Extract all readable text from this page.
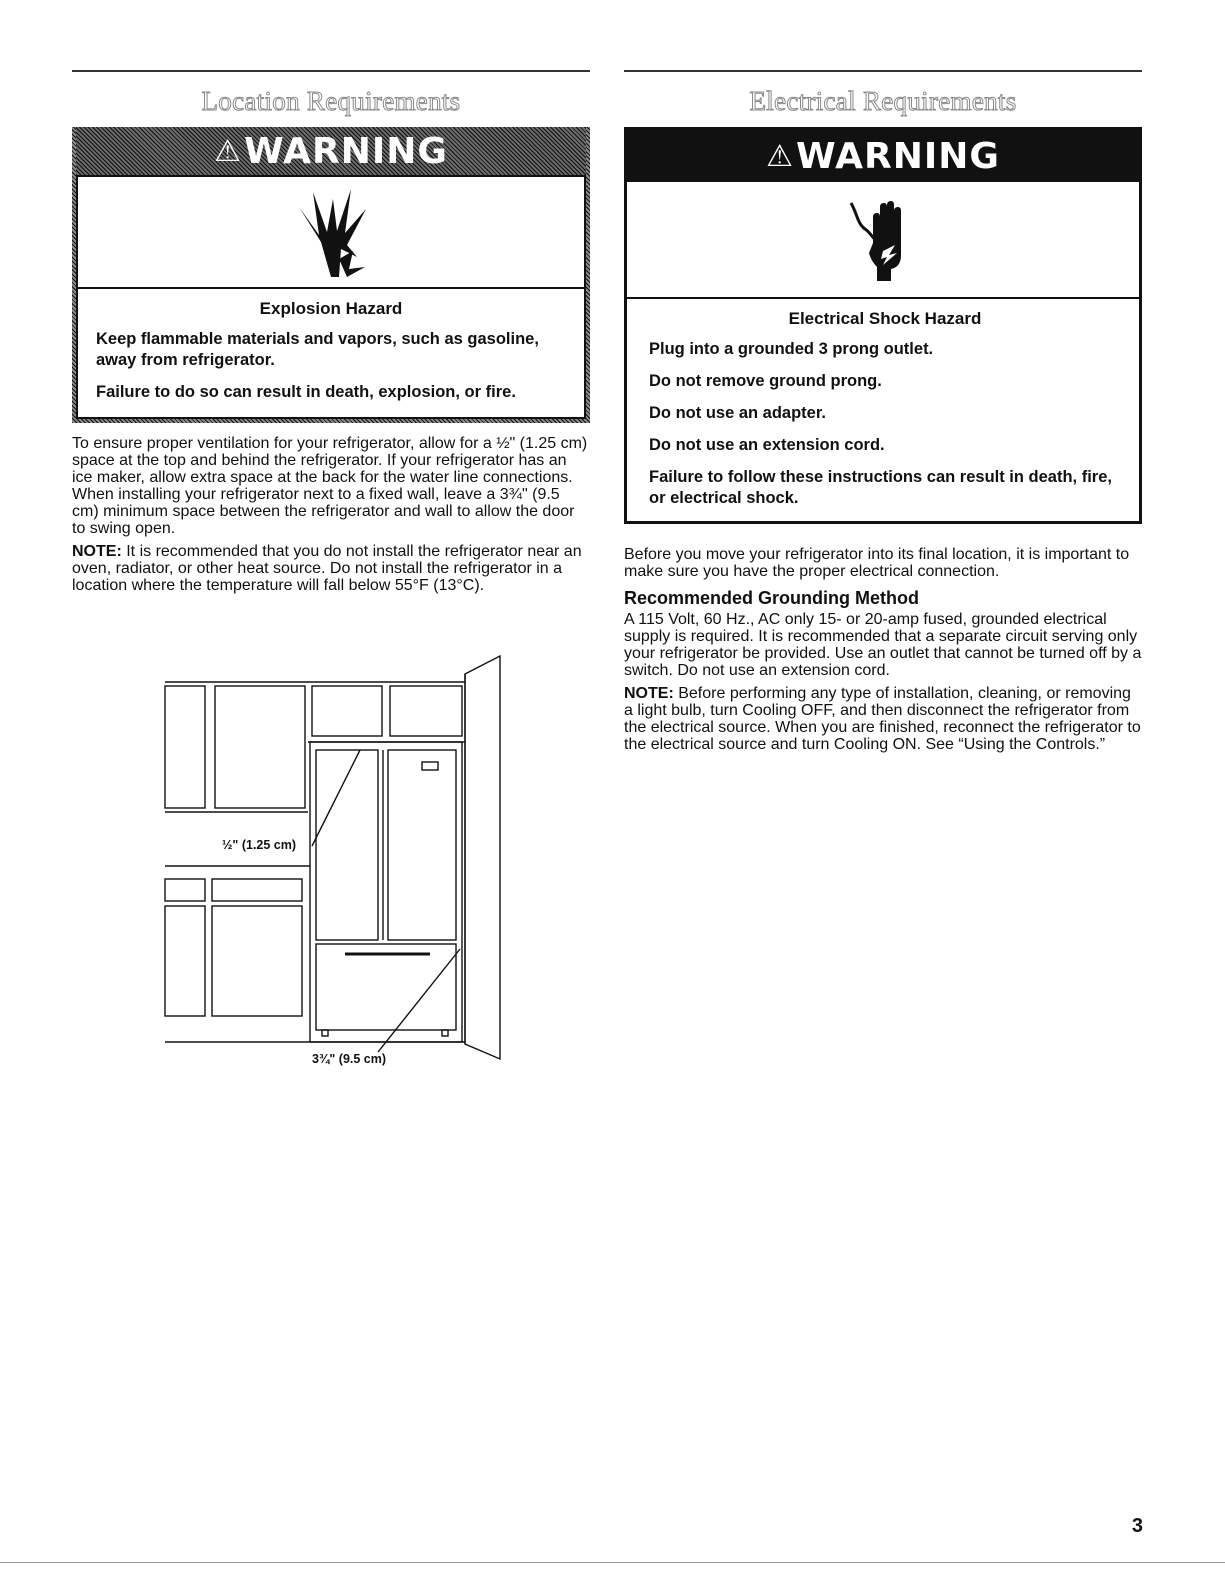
Location Requirements
⚠ WARNING
Explosion Hazard

Keep flammable materials and vapors, such as gasoline, away from refrigerator.

Failure to do so can result in death, explosion, or fire.

To ensure proper ventilation for your refrigerator, allow for a ½" (1.25 cm) space at the top and behind the refrigerator. If your refrigerator has an ice maker, allow extra space at the back for the water line connections. When installing your refrigerator next to a fixed wall, leave a 3¾" (9.5 cm) minimum space between the refrigerator and wall to allow the door to swing open.

NOTE: It is recommended that you do not install the refrigerator near an oven, radiator, or other heat source. Do not install the refrigerator in a location where the temperature will fall below 55°F (13°C).

½" (1.25 cm)
3¾" (9.5 cm)
Electrical Requirements
⚠ WARNING
Electrical Shock Hazard

Plug into a grounded 3 prong outlet.

Do not remove ground prong.

Do not use an adapter.

Do not use an extension cord.

Failure to follow these instructions can result in death, fire, or electrical shock.

Before you move your refrigerator into its final location, it is important to make sure you have the proper electrical connection.

Recommended Grounding Method

A 115 Volt, 60 Hz., AC only 15- or 20-amp fused, grounded electrical supply is required. It is recommended that a separate circuit serving only your refrigerator be provided. Use an outlet that cannot be turned off by a switch. Do not use an extension cord.

NOTE: Before performing any type of installation, cleaning, or removing a light bulb, turn Cooling OFF, and then disconnect the refrigerator from the electrical source. When you are finished, reconnect the refrigerator to the electrical source and turn Cooling ON. See “Using the Controls.”

3
